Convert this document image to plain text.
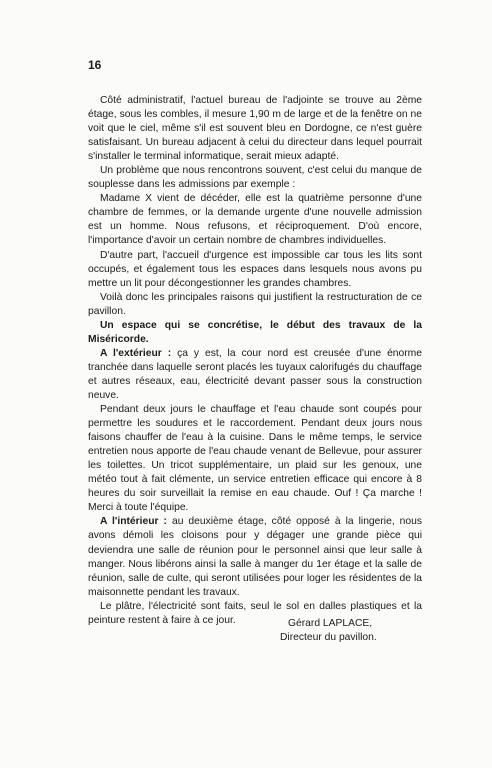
16

Côté administratif, l'actuel bureau de l'adjointe se trouve au 2ème étage, sous les combles, il mesure 1,90 m de large et de la fenêtre on ne voit que le ciel, même s'il est souvent bleu en Dordogne, ce n'est guère satisfaisant. Un bureau adjacent à celui du directeur dans lequel pourrait s'installer le terminal informatique, serait mieux adapté.

Un problème que nous rencontrons souvent, c'est celui du manque de souplesse dans les admissions par exemple :

Madame X vient de décéder, elle est la quatrième personne d'une chambre de femmes, or la demande urgente d'une nouvelle admission est un homme. Nous refusons, et réciproquement. D'où encore, l'importance d'avoir un certain nombre de chambres individuelles.

D'autre part, l'accueil d'urgence est impossible car tous les lits sont occupés, et également tous les espaces dans lesquels nous avons pu mettre un lit pour décongestionner les grandes chambres.

Voilà donc les principales raisons qui justifient la restructuration de ce pavillon.

Un espace qui se concrétise, le début des travaux de la Miséricorde.

A l'extérieur : ça y est, la cour nord est creusée d'une énorme tranchée dans laquelle seront placés les tuyaux calorifugés du chauffage et autres réseaux, eau, électricité devant passer sous la construction neuve.

Pendant deux jours le chauffage et l'eau chaude sont coupés pour permettre les soudures et le raccordement. Pendant deux jours nous faisons chauffer de l'eau à la cuisine. Dans le même temps, le service entretien nous apporte de l'eau chaude venant de Bellevue, pour assurer les toilettes. Un tricot supplémentaire, un plaid sur les genoux, une météo tout à fait clémente, un service entretien efficace qui encore à 8 heures du soir surveillait la remise en eau chaude. Ouf ! Ça marche ! Merci à toute l'équipe.

A l'intérieur : au deuxième étage, côté opposé à la lingerie, nous avons démoli les cloisons pour y dégager une grande pièce qui deviendra une salle de réunion pour le personnel ainsi que leur salle à manger. Nous libérons ainsi la salle à manger du 1er étage et la salle de réunion, salle de culte, qui seront utilisées pour loger les résidentes de la maisonnette pendant les travaux.

Le plâtre, l'électricité sont faits, seul le sol en dalles plastiques et la peinture restent à faire à ce jour.	Gérard LAPLACE,
Directeur du pavillon.
